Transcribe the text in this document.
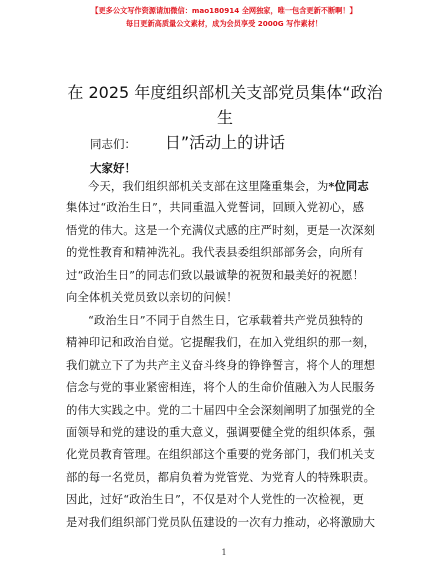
【更多公文写作资源请加微信：mao180914 全网独家，唯一包含更新不断啊！】
每日更新高质量公文素材，成为会员享受 2000G 写作素材！
在 2025 年度组织部机关支部党员集体“政治生
日”活动上的讲话
同志们：
大家好！
今天，我们组织部机关支部在这里隆重集会，为*位同志
集体过“政治生日”，共同重温入党誓词，回顾入党初心，感
悟党的伟大。这是一个充满仪式感的庄严时刻，更是一次深刻
的党性教育和精神洗礼。我代表县委组织部部务会，向所有
过“政治生日”的同志们致以最诚挚的祝贺和最美好的祝愿！
向全体机关党员致以亲切的问候！
“政治生日”不同于自然生日，它承载着共产党员独特的
精神印记和政治自觉。它提醒我们，在加入党组织的那一刻，
我们就立下了为共产主义奋斗终身的铮铮誓言，将个人的理想
信念与党的事业紧密相连，将个人的生命价值融入为人民服务
的伟大实践之中。党的二十届四中全会深刻阐明了加强党的全
面领导和党的建设的重大意义，强调要健全党的组织体系，强
化党员教育管理。在组织部这个重要的党务部门，我们机关支
部的每一名党员，都肩负着为党管党、为党育人的特殊职责。
因此，过好“政治生日”，不仅是对个人党性的一次检视，更
是对我们组织部门党员队伍建设的一次有力推动，必将激励大
1
